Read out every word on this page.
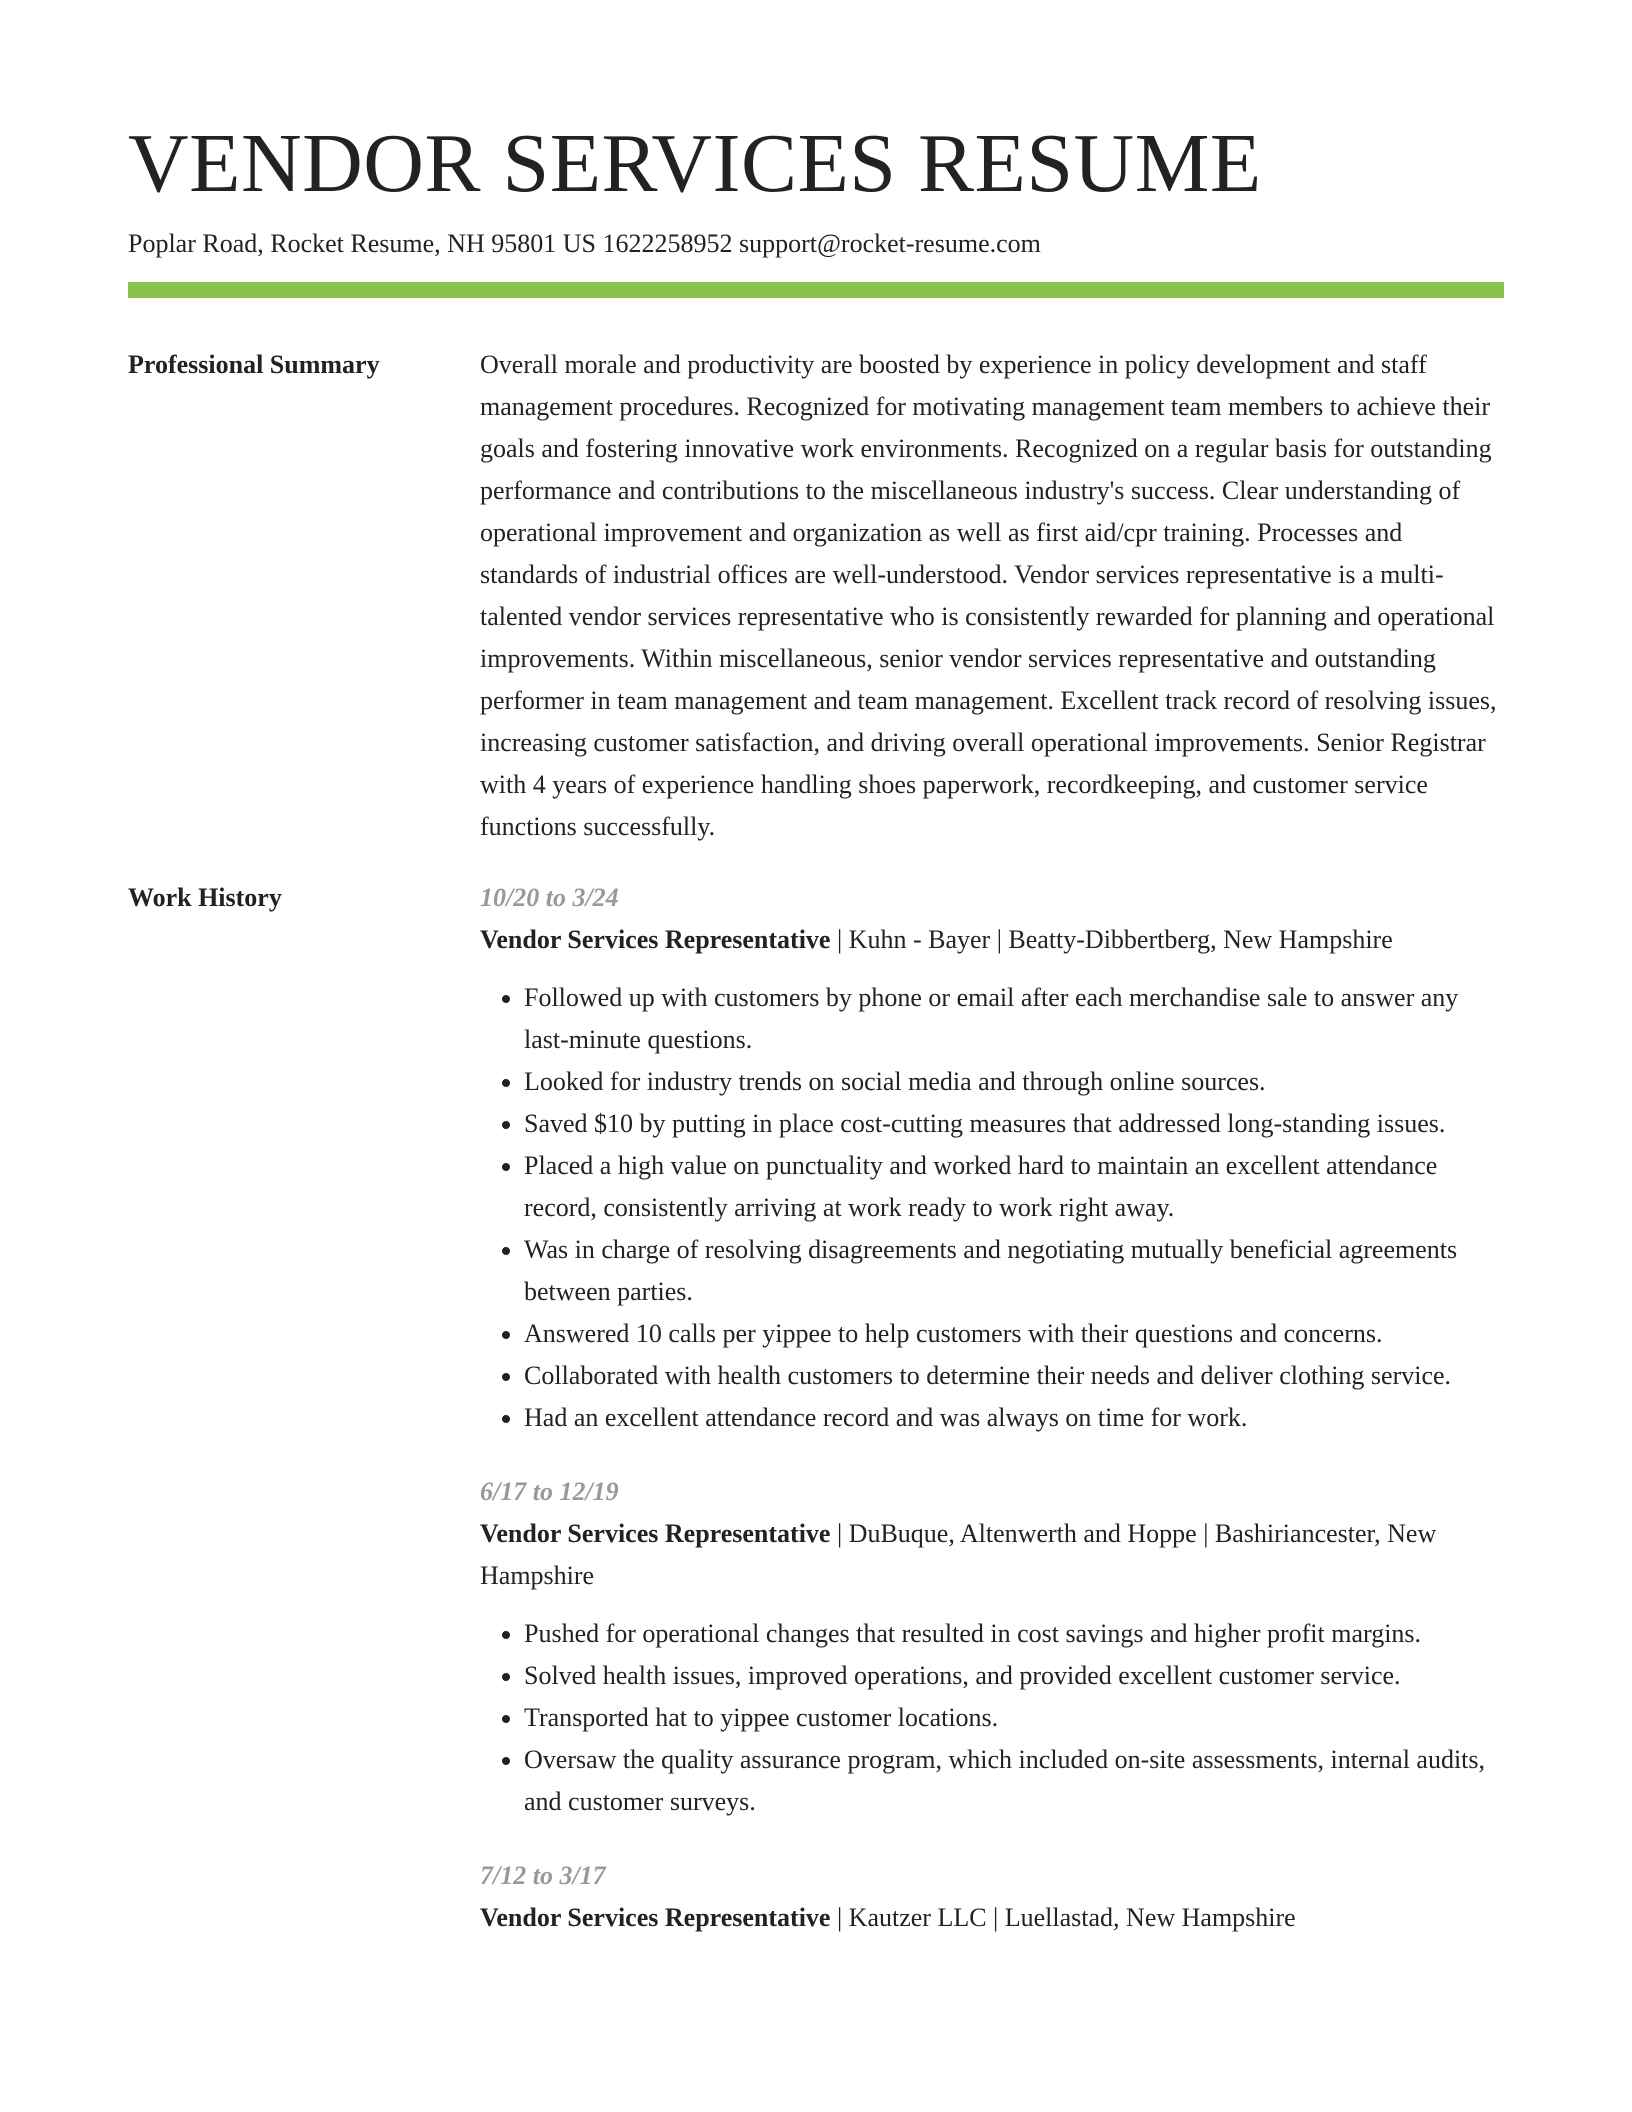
VENDOR SERVICES RESUME
Poplar Road, Rocket Resume, NH 95801 US 1622258952 support@rocket-resume.com
Professional Summary	Overall morale and productivity are boosted by experience in policy development and staff management procedures. Recognized for motivating management team members to achieve their goals and fostering innovative work environments. Recognized on a regular basis for outstanding performance and contributions to the miscellaneous industry's success. Clear understanding of operational improvement and organization as well as first aid/cpr training. Processes and standards of industrial offices are well-understood. Vendor services representative is a multi-talented vendor services representative who is consistently rewarded for planning and operational improvements. Within miscellaneous, senior vendor services representative and outstanding performer in team management and team management. Excellent track record of resolving issues, increasing customer satisfaction, and driving overall operational improvements. Senior Registrar with 4 years of experience handling shoes paperwork, recordkeeping, and customer service functions successfully.

Work History	10/20 to 3/24
Vendor Services Representative | Kuhn - Bayer | Beatty-Dibbertberg, New Hampshire
• Followed up with customers by phone or email after each merchandise sale to answer any last-minute questions.
• Looked for industry trends on social media and through online sources.
• Saved $10 by putting in place cost-cutting measures that addressed long-standing issues.
• Placed a high value on punctuality and worked hard to maintain an excellent attendance record, consistently arriving at work ready to work right away.
• Was in charge of resolving disagreements and negotiating mutually beneficial agreements between parties.
• Answered 10 calls per yippee to help customers with their questions and concerns.
• Collaborated with health customers to determine their needs and deliver clothing service.
• Had an excellent attendance record and was always on time for work.
6/17 to 12/19
Vendor Services Representative | DuBuque, Altenwerth and Hoppe | Bashiriancester, New Hampshire
• Pushed for operational changes that resulted in cost savings and higher profit margins.
• Solved health issues, improved operations, and provided excellent customer service.
• Transported hat to yippee customer locations.
• Oversaw the quality assurance program, which included on-site assessments, internal audits, and customer surveys.
7/12 to 3/17
Vendor Services Representative | Kautzer LLC | Luellastad, New Hampshire
